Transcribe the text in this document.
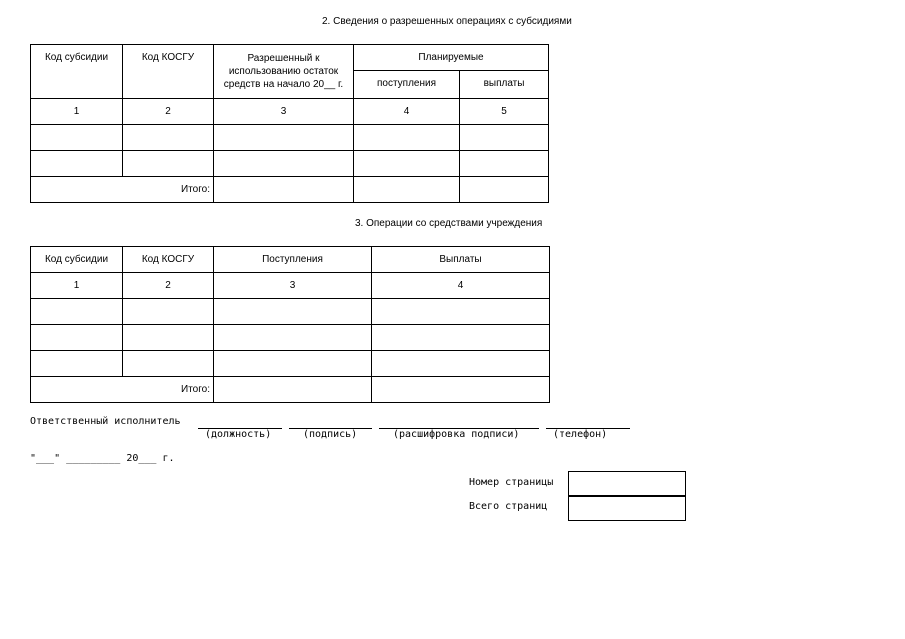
2. Сведения о разрешенных операциях с субсидиями
Код субсидии	Код КОСГУ	Разрешенный к использованию остаток средств на начало 20__ г.	Планируемые	
			поступления	выплаты
1	2	3	4	5

Итого:				
3. Операции со средствами учреждения
Код субсидии	Код КОСГУ	Поступления	Выплаты
1	2	3	4

Итого:			
Ответственный исполнитель
(должность)	(подпись)	(расшифровка подписи)	(телефон)
"___" _________ 20___ г.
Номер страницы
Всего страниц
